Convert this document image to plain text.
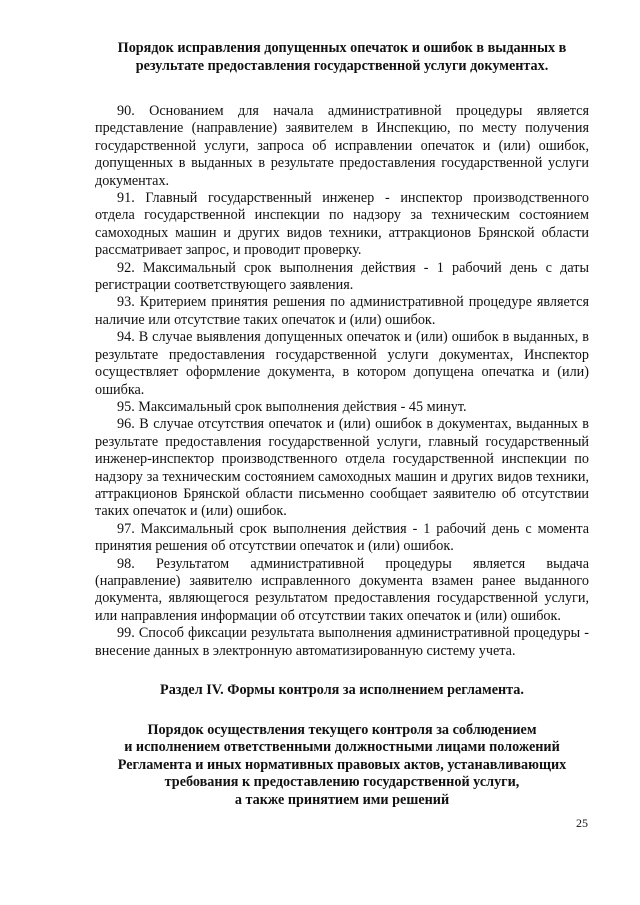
Порядок исправления допущенных опечаток и ошибок в выданных в результате предоставления государственной услуги документах.

90. Основанием для начала административной процедуры является представление (направление) заявителем в Инспекцию, по месту получения государственной услуги, запроса об исправлении опечаток и (или) ошибок, допущенных в выданных в результате предоставления государственной услуги документах.

91. Главный государственный инженер - инспектор производственного отдела государственной инспекции по надзору за техническим состоянием самоходных машин и других видов техники, аттракционов Брянской области рассматривает запрос, и проводит проверку.

92. Максимальный срок выполнения действия - 1 рабочий день с даты регистрации соответствующего заявления.

93. Критерием принятия решения по административной процедуре является наличие или отсутствие таких опечаток и (или) ошибок.

94. В случае выявления допущенных опечаток и (или) ошибок в выданных, в результате предоставления государственной услуги документах, Инспектор осуществляет оформление документа, в котором допущена опечатка и (или) ошибка.

95. Максимальный срок выполнения действия - 45 минут.

96. В случае отсутствия опечаток и (или) ошибок в документах, выданных в результате предоставления государственной услуги, главный государственный инженер-инспектор производственного отдела государственной инспекции по надзору за техническим состоянием самоходных машин и других видов техники, аттракционов Брянской области письменно сообщает заявителю об отсутствии таких опечаток и (или) ошибок.

97. Максимальный срок выполнения действия - 1 рабочий день с момента принятия решения об отсутствии опечаток и (или) ошибок.

98. Результатом административной процедуры является выдача (направление) заявителю исправленного документа взамен ранее выданного документа, являющегося результатом предоставления государственной услуги, или направления информации об отсутствии таких опечаток и (или) ошибок.

99. Способ фиксации результата выполнения административной процедуры - внесение данных в электронную автоматизированную систему учета.

Раздел IV. Формы контроля за исполнением регламента.

Порядок осуществления текущего контроля за соблюдением
и исполнением ответственными должностными лицами положений
Регламента и иных нормативных правовых актов, устанавливающих
требования к предоставлению государственной услуги,
а также принятием ими решений
25
